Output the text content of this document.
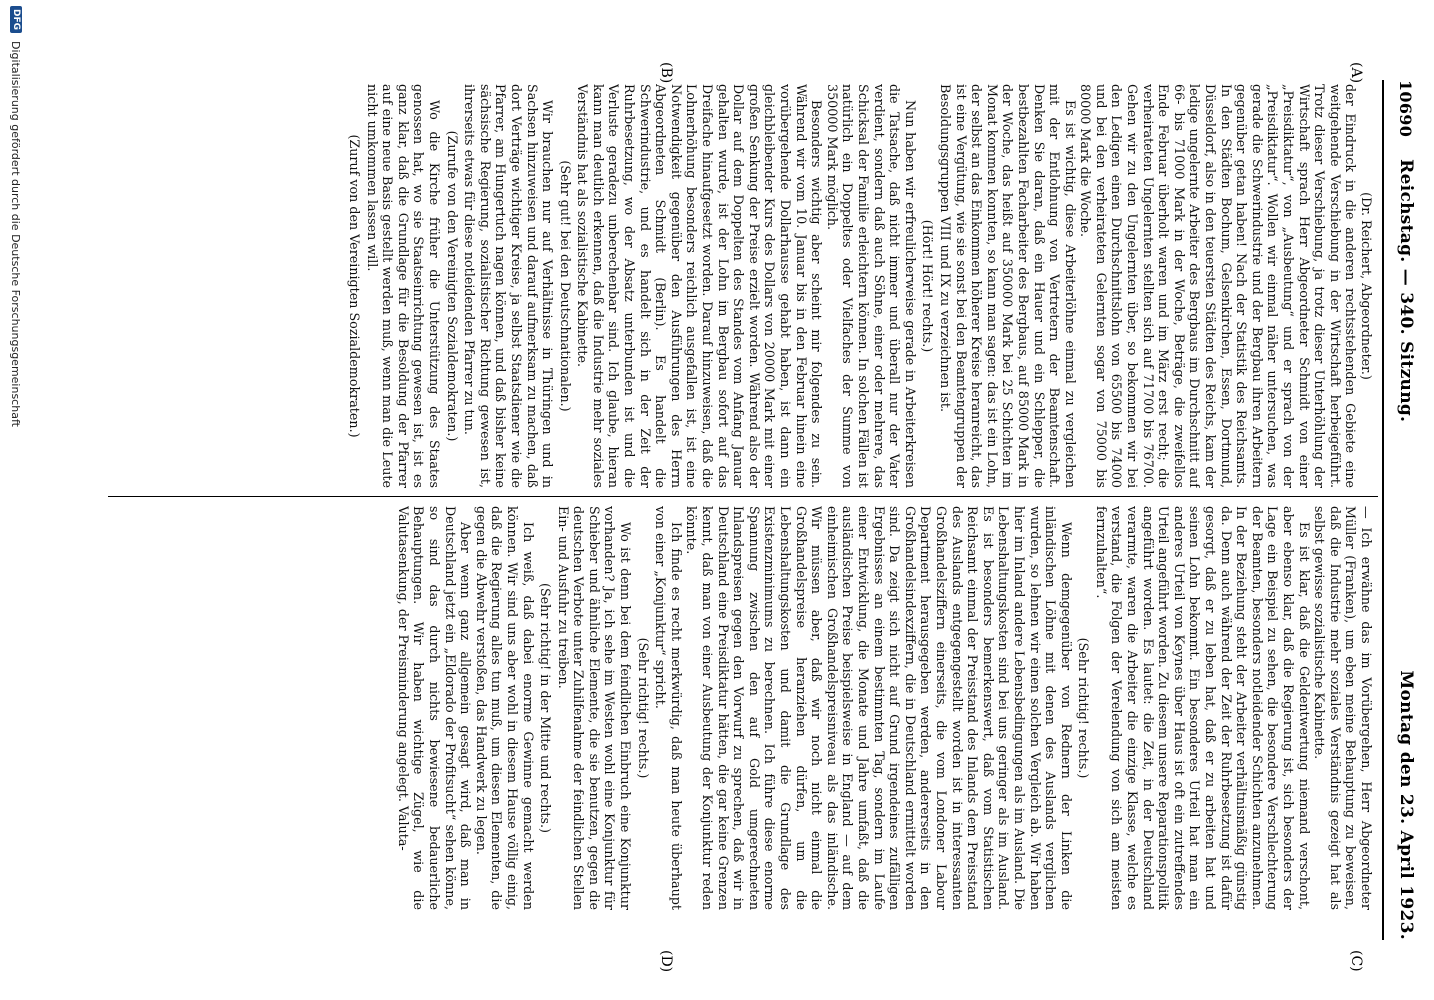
10690
Reichstag. — 340. Sitzung.
Montag den 23. April 1923.
(A)
(B)
(C)
(D)

(Dr. Reichert, Abgeordneter.)

der Eindruck in die anderen rechtsstehenden Gebiete eine weitgehende Verschiebung in der Wirtschaft herbeigeführt. Trotz dieser Verschiebung, ja trotz dieser Unterhöhlung der Wirtschaft sprach Herr Abgeordneter Schmidt von einer „Preisdiktatur“, von „Ausbeutung“ und er sprach von der „Preisdiktatur“. Wollen wir einmal näher untersuchen, was gerade die Schwerindustrie und der Bergbau ihren Arbeitern gegenüber getan haben! Nach der Statistik des Reichsamts. In den Städten Bochum, Gelsenkirchen, Essen, Dortmund, Düsseldorf, also in den teuersten Städten des Reichs, kam der ledige ungelernte Arbeiter des Bergbaus im Durchschnitt auf 66- bis 71000 Mark in der Woche, Beträge, die zweifellos Ende Februar überholt waren und im März erst recht; die verheirateten Ungelernten stellten sich auf 71700 bis 76700. Gehen wir zu den Ungelernten über, so bekommen wir bei den Ledigen einen Durchschnittslohn von 65500 bis 74000 und bei den verheirateten Gelernten sogar von 75000 bis 80000 Mark die Woche.

Es ist wichtig, diese Arbeiterlöhne einmal zu vergleichen mit der Entlohnung von Vertretern der Beamtenschaft. Denken Sie daran, daß ein Hauer und ein Schlepper, die bestbezahlten Facharbeiter des Bergbaus, auf 85000 Mark in der Woche, das heißt auf 350000 Mark bei 25 Schichten im Monat kommen konnten, so kann man sagen: das ist ein Lohn, der selbst an das Einkommen höherer Kreise heranreicht, das ist eine Vergütung, wie sie sonst bei den Beamtengruppen der Besoldungsgruppen VIII und IX zu verzeichnen ist.

(Hört! Hört! rechts.)

Nun haben wir erfreulicherweise gerade in Arbeiterkreisen die Tatsache, daß nicht immer und überall nur der Vater verdient, sondern daß auch Söhne, einer oder mehrere, das Schicksal der Familie erleichtern können. In solchen Fällen ist natürlich ein Doppeltes oder Vielfaches der Summe von 350000 Mark möglich.

Besonders wichtig aber scheint mir folgendes zu sein. Während wir vom 10. Januar bis in den Februar hinein eine vorübergehende Dollarhausse gehabt haben, ist dann ein gleichbleibender Kurs des Dollars von 20000 Mark mit einer großen Senkung der Preise erzielt worden. Während also der Dollar auf dem Doppelten des Standes vom Anfang Januar gehalten wurde, ist der Lohn im Bergbau sofort auf das Dreifache hinaufgesetzt worden. Darauf hinzuweisen, daß die Lohnerhöhung besonders reichlich ausgefallen ist, ist eine Notwendigkeit gegenüber den Ausführungen des Herrn Abgeordneten Schmidt (Berlin). Es handelt die Schwerindustrie, und es handelt sich in der Zeit der Ruhrbesetzung, wo der Absatz unterbunden ist und die Verluste geradezu unberechenbar sind. Ich glaube, hieran kann man deutlich erkennen, daß die Industrie mehr soziales Verständnis hat als sozialistische Kabinette.

(Sehr gut! bei den Deutschnationalen.)

Wir brauchen nur auf Verhältnisse in Thüringen und in Sachsen hinzuweisen und darauf aufmerksam zu machen, daß dort Verträge wichtiger Kreise, ja selbst Staatsdiener wie die Pfarrer, am Hungertuch nagen können, und daß bisher keine sächsische Regierung, sozialistischer Richtung gewesen ist, ihrerseits etwas für diese notleidenden Pfarrer zu tun.

(Zurufe von den Vereinigten Sozialdemokraten.)

Wo die Kirche früher die Unterstützung des Staates genossen hat, wo sie Staatseinrichtung gewesen ist, ist es ganz klar, daß die Grundlage für die Besoldung der Pfarrer auf eine neue Basis gestellt werden muß, wenn man die Leute nicht umkommen lassen will.

(Zuruf von den Vereinigten Sozialdemokraten.)

— Ich erwähne das im Vorübergehen, Herr Abgeordneter Müller (Franken), um eben meine Behauptung zu beweisen, daß die Industrie mehr soziales Verständnis gezeigt hat als selbst gewisse sozialistische Kabinette.

Es ist klar, daß die Geldentwertung niemand verschont, aber ebenso klar, daß die Regierung ist, sich besonders der Lage ein Beispiel zu sehen, die besondere Verschlechterung der Beamten, besonders notleidender Schichten anzunehmen. In der Beziehung steht der Arbeiter verhältnismäßig günstig da. Denn auch während der Zeit der Ruhrbesetzung ist dafür gesorgt, daß er zu leben hat, daß er zu arbeiten hat und seinen Lohn bekommt. Ein besonderes Urteil hat man ein anderes Urteil von Keynes über Haus ist oft ein zutreffendes Urteil angeführt worden. Zu diesem unsere Reparationspolitik angeführt worden. Es lautet: die Zeit, in der Deutschland verarmte, waren die Arbeiter die einzige Klasse, welche es verstand, die Folgen der Verelendung von sich am meisten fernzuhalten“.

(Sehr richtig! rechts.)

Wenn demgegenüber von Rednern der Linken die inländischen Löhne mit denen des Auslands verglichen wurden, so lehnen wir einen solchen Vergleich ab. Wir haben hier im Inland andere Lebensbedingungen als im Ausland. Die Lebenshaltungskosten sind bei uns geringer als im Ausland. Es ist besonders bemerkenswert, daß vom Statistischen Reichsamt einmal der Preisstand des Inlands dem Preisstand des Auslands entgegengestellt worden ist in interessanten Großhandelsziffern einerseits, die vom Londoner Labour Department herausgegeben werden, andererseits in den Großhandelsindexziffern, die in Deutschland ermittelt worden sind. Da zeigt sich nicht auf Grund irgendeines zufälligen Ergebnisses an einem bestimmten Tag, sondern im Laufe einer Entwicklung, die Monate und Jahre umfaßt, daß die ausländischen Preise beispielsweise in England — auf dem einheimischen Großhandelspreisniveau als das inländische. Wir müssen aber, daß wir noch nicht einmal die Großhandelspreise heranziehen dürfen, um die Lebenshaltungskosten und damit die Grundlage des Existenzminimums zu berechnen. Ich führe diese enorme Spannung zwischen den auf Gold umgerechneten Inlandspreisen gegen den Vorwurf zu sprechen, daß wir in Deutschland eine Preisdiktatur hätten, die gar keine Grenzen kennt, daß man von einer Ausbeutung der Konjunktur reden könnte.

Ich finde es recht merkwürdig, daß man heute überhaupt von einer „Konjunktur“ spricht.

(Sehr richtig! rechts.)

Wo ist denn bei dem feindlichen Einbruch eine Konjunktur vorhanden? Ja, ich sehe im Westen wohl eine Konjunktur für Schieber und ähnliche Elemente, die sie benutzen, gegen die deutschen Verbote unter Zuhilfenahme der feindlichen Stellen Ein- und Ausfuhr zu treiben.

(Sehr richtig! in der Mitte und rechts.)

Ich weiß, daß dabei enorme Gewinne gemacht werden können. Wir sind uns aber wohl in diesem Hause völlig einig, daß die Regierung alles tun muß, um diesen Elementen, die gegen die Abwehr verstoßen, das Handwerk zu legen.

Aber wenn ganz allgemein gesagt wird, daß man in Deutschland jetzt ein „Eldorado der Profitsucht“ sehen könne, so sind das durch nichts bewiesene bedauerliche Behauptungen. Wir haben wichtige Zügel, wie die Valutasenkung, der Preisminderung angelegt. Valuta-

DFG
Digitalisierung gefördert durch die Deutsche Forschungsgemeinschaft
